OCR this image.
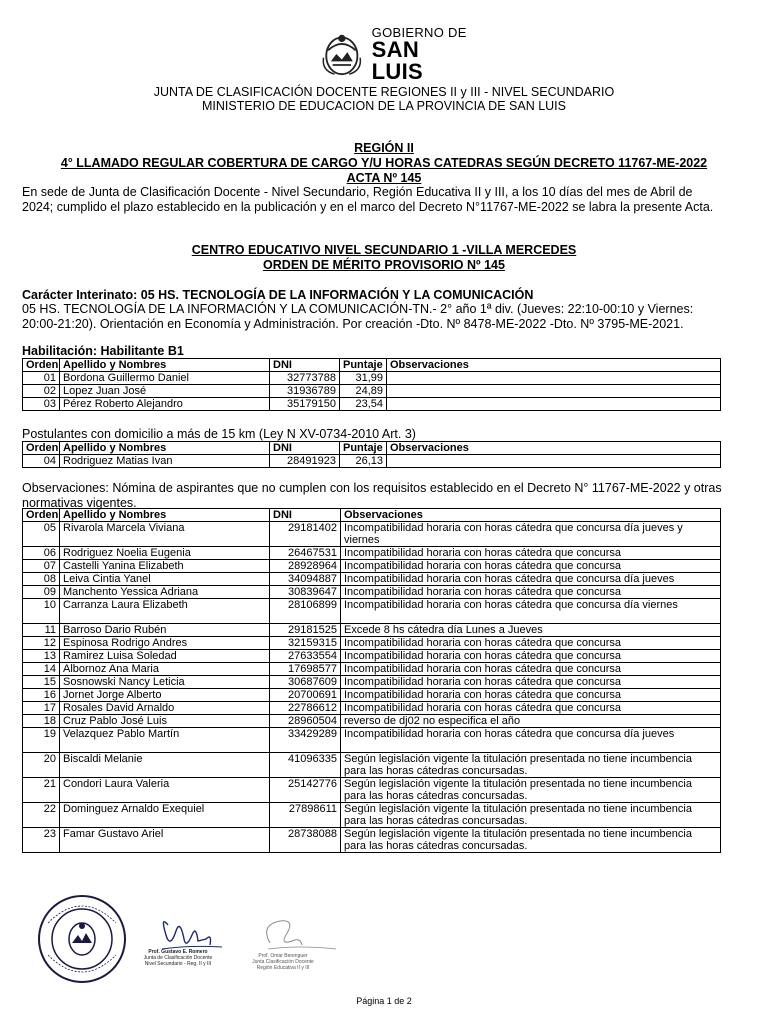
GOBIERNO DE
SAN LUIS
JUNTA DE CLASIFICACIÓN DOCENTE REGIONES II y III - NIVEL SECUNDARIO
MINISTERIO DE EDUCACION DE LA PROVINCIA DE SAN LUIS
REGIÓN II
4° LLAMADO REGULAR COBERTURA DE CARGO Y/U HORAS CATEDRAS SEGÚN DECRETO 11767-ME-2022
ACTA Nº 145
En sede de Junta de Clasificación Docente - Nivel Secundario, Región Educativa II y III, a los 10 días del mes de Abril de 2024; cumplido el plazo establecido en la publicación y en el marco del Decreto N°11767-ME-2022 se labra la presente Acta.
CENTRO EDUCATIVO NIVEL SECUNDARIO 1 -VILLA MERCEDES
ORDEN DE MÉRITO PROVISORIO Nº 145
Carácter Interinato: 05 HS. TECNOLOGÍA DE LA INFORMACIÓN Y LA COMUNICACIÓN
05 HS. TECNOLOGÍA DE LA INFORMACIÓN Y LA COMUNICACIÓN-TN.- 2° año 1ª div. (Jueves: 22:10-00:10 y Viernes: 20:00-21:20). Orientación en Economía y Administración. Por creación -Dto. Nº 8478-ME-2022 -Dto. Nº 3795-ME-2021.
Habilitación: Habilitante B1
Orden	Apellido y Nombres	DNI	Puntaje	Observaciones
01	Bordona Guillermo Daniel	32773788	31,99	
02	Lopez Juan José	31936789	24,89	
03	Pérez Roberto Alejandro	35179150	23,54	
Postulantes con domicilio a más de 15 km (Ley N XV-0734-2010 Art. 3)
Orden	Apellido y Nombres	DNI	Puntaje	Observaciones
04	Rodriguez Matias Ivan	28491923	26,13	
Observaciones: Nómina de aspirantes que no cumplen con los requisitos establecido en el Decreto N° 11767-ME-2022 y otras normativas vigentes.
Orden	Apellido y Nombres	DNI	Observaciones
05	Rivarola Marcela Viviana	29181402	Incompatibilidad horaria con horas cátedra que concursa día jueves y viernes
06	Rodriguez Noelia Eugenia	26467531	Incompatibilidad horaria con horas cátedra que concursa
07	Castelli Yanina Elizabeth	28928964	Incompatibilidad horaria con horas cátedra que concursa
08	Leiva Cintia Yanel	34094887	Incompatibilidad horaria con horas cátedra que concursa día jueves
09	Manchento Yessica Adriana	30839647	Incompatibilidad horaria con horas cátedra que concursa
10	Carranza Laura Elizabeth	28106899	Incompatibilidad horaria con horas cátedra que concursa día viernes
11	Barroso Dario Rubén	29181525	Excede 8 hs cátedra día Lunes a Jueves
12	Espinosa Rodrigo Andres	32159315	Incompatibilidad horaria con horas cátedra que concursa
13	Ramirez Luisa Soledad	27633554	Incompatibilidad horaria con horas cátedra que concursa
14	Albornoz Ana Maria	17698577	Incompatibilidad horaria con horas cátedra que concursa
15	Sosnowski Nancy Leticia	30687609	Incompatibilidad horaria con horas cátedra que concursa
16	Jornet Jorge Alberto	20700691	Incompatibilidad horaria con horas cátedra que concursa
17	Rosales David Arnaldo	22786612	Incompatibilidad horaria con horas cátedra que concursa
18	Cruz Pablo José Luis	28960504	reverso de dj02 no especifica el año
19	Velazquez Pablo Martín	33429289	Incompatibilidad horaria con horas cátedra que concursa día jueves
20	Biscaldi Melanie	41096335	Según legislación vigente la titulación presentada no tiene incumbencia para las horas cátedras concursadas.
21	Condori Laura Valeria	25142776	Según legislación vigente la titulación presentada no tiene incumbencia para las horas cátedras concursadas.
22	Dominguez Arnaldo Exequiel	27898611	Según legislación vigente la titulación presentada no tiene incumbencia para las horas cátedras concursadas.
23	Famar Gustavo Ariel	28738088	Según legislación vigente la titulación presentada no tiene incumbencia para las horas cátedras concursadas.
Prof. Gustavo E. Romero
Junta de Clasificación Docente
Nivel Secundario - Reg. II y III
Prof. Omar Berenguer
Junta Clasificación Docente
Región Educativa II y III
Página 1 de 2
